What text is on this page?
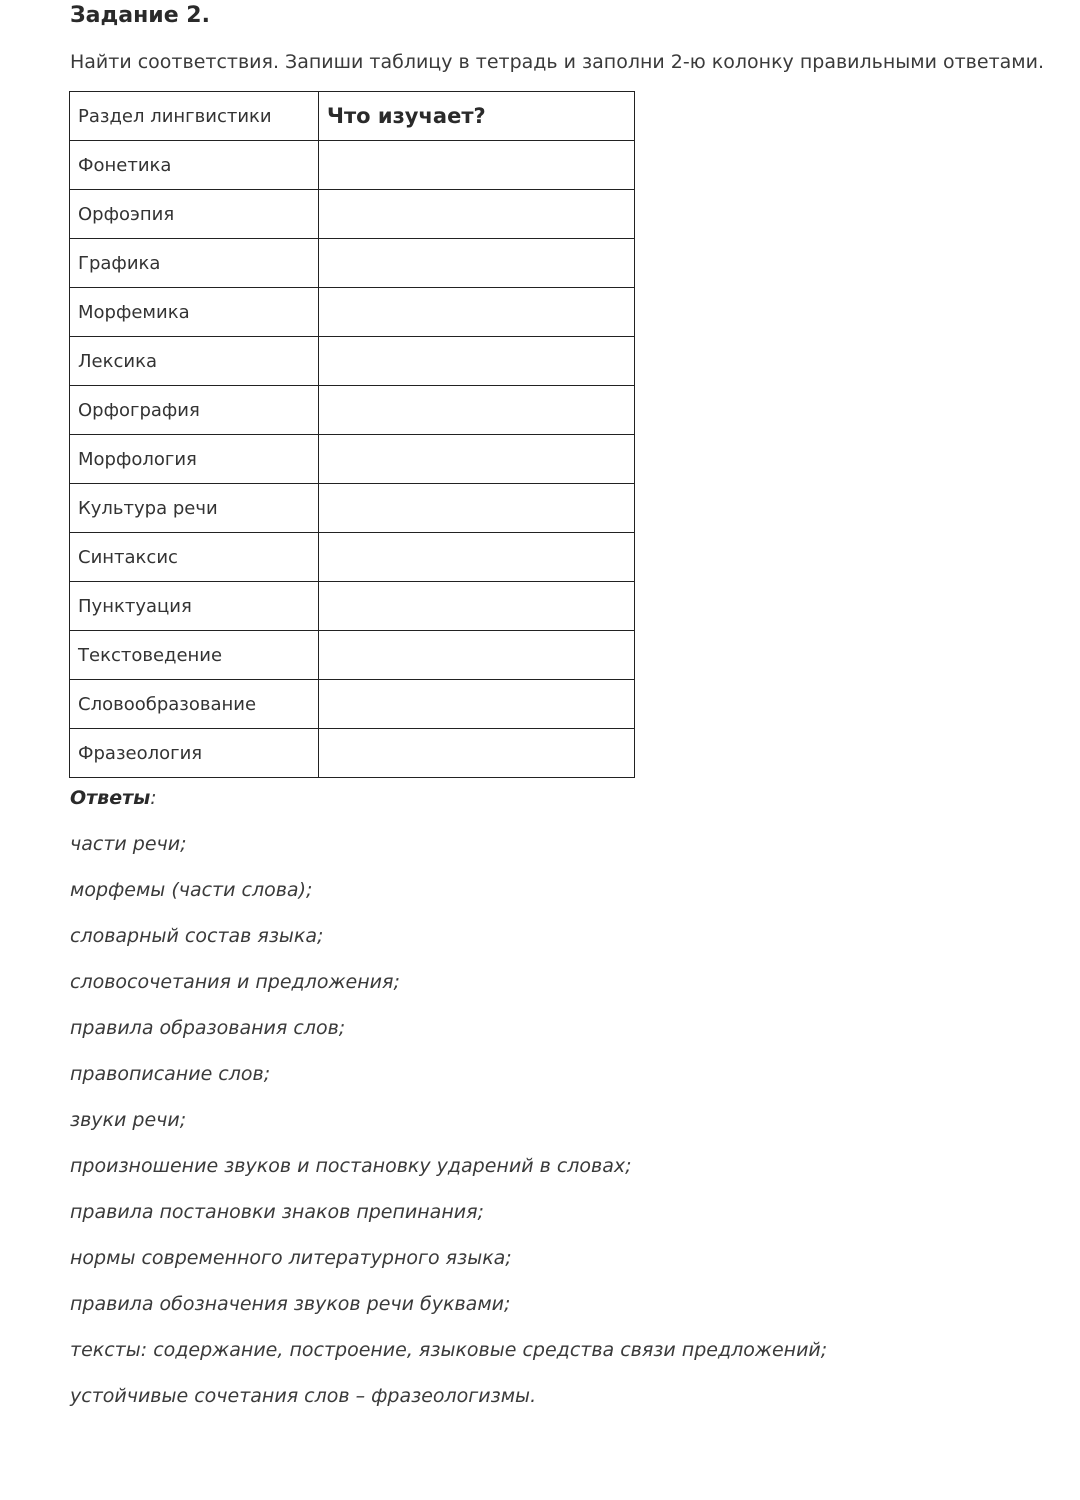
Задание 2.

Найти соответствия. Запиши таблицу в тетрадь и заполни 2-ю колонку правильными ответами.

Раздел лингвистики	Что изучает?
Фонетика	
Орфоэпия	
Графика	
Морфемика	
Лексика	
Орфография	
Морфология	
Культура речи	
Синтаксис	
Пунктуация	
Текстоведение	
Словообразование	
Фразеология	
Ответы:
части речи;
морфемы (части слова);
словарный состав языка;
словосочетания и предложения;
правила образования слов;
правописание слов;
звуки речи;
произношение звуков и постановку ударений в словах;
правила постановки знаков препинания;
нормы современного литературного языка;
правила обозначения звуков речи буквами;
тексты: содержание, построение, языковые средства связи предложений;
устойчивые сочетания слов – фразеологизмы.
